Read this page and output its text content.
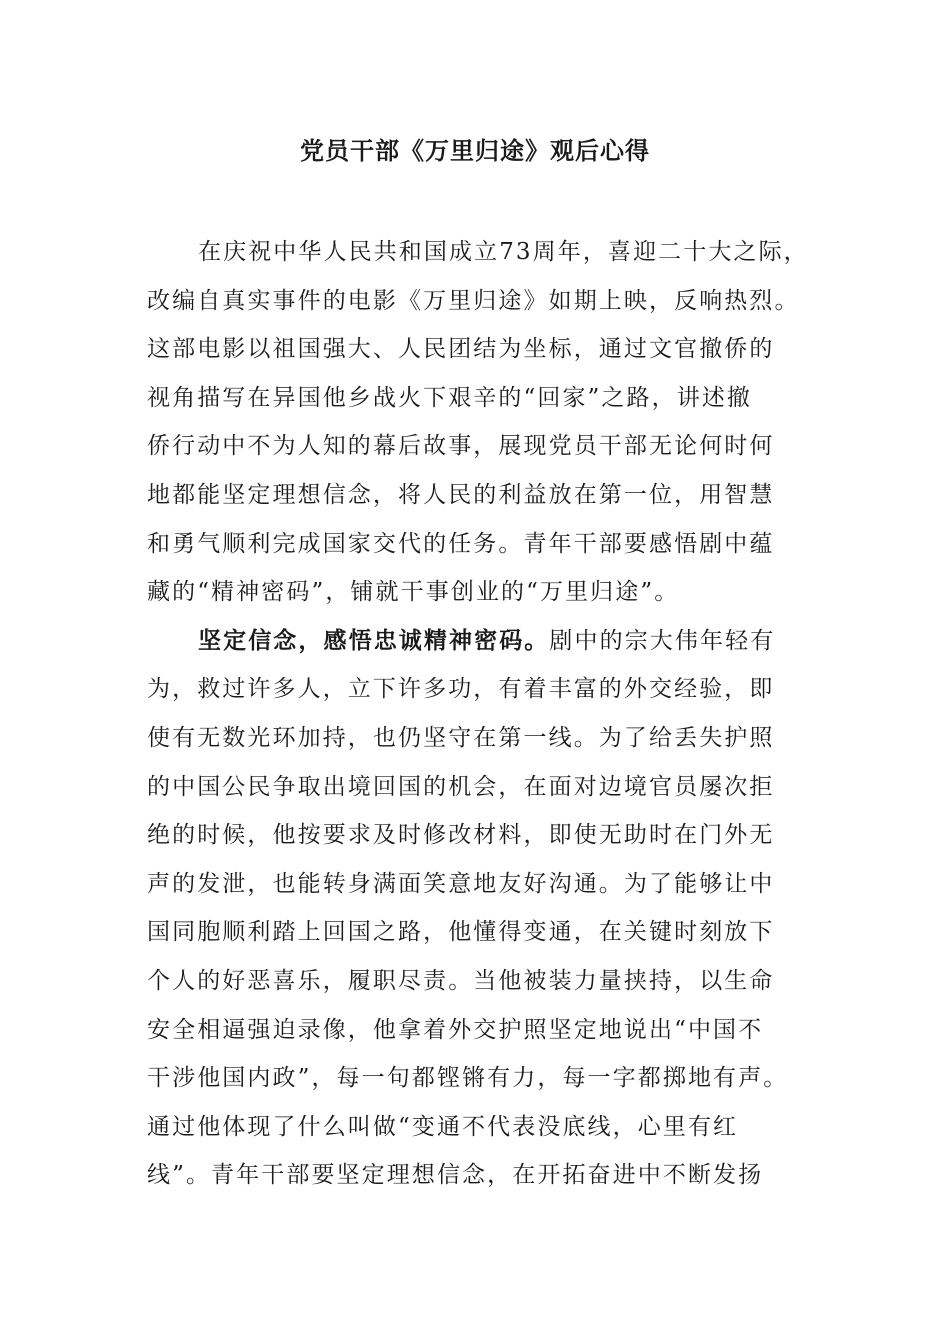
党员干部《万里归途》观后心得
在庆祝中华人民共和国成立73周年，喜迎二十大之际，
改编自真实事件的电影《万里归途》如期上映，反响热烈。
这部电影以祖国强大、人民团结为坐标，通过文官撤侨的
视角描写在异国他乡战火下艰辛的“回家”之路，讲述撤
侨行动中不为人知的幕后故事，展现党员干部无论何时何
地都能坚定理想信念，将人民的利益放在第一位，用智慧
和勇气顺利完成国家交代的任务。青年干部要感悟剧中蕴
藏的“精神密码”，铺就干事创业的“万里归途”。
坚定信念，感悟忠诚精神密码。剧中的宗大伟年轻有
为，救过许多人，立下许多功，有着丰富的外交经验，即
使有无数光环加持，也仍坚守在第一线。为了给丢失护照
的中国公民争取出境回国的机会，在面对边境官员屡次拒
绝的时候，他按要求及时修改材料，即使无助时在门外无
声的发泄，也能转身满面笑意地友好沟通。为了能够让中
国同胞顺利踏上回国之路，他懂得变通，在关键时刻放下
个人的好恶喜乐，履职尽责。当他被装力量挟持，以生命
安全相逼强迫录像，他拿着外交护照坚定地说出“中国不
干涉他国内政”，每一句都铿锵有力，每一字都掷地有声。
通过他体现了什么叫做“变通不代表没底线，心里有红
线”。青年干部要坚定理想信念，在开拓奋进中不断发扬
